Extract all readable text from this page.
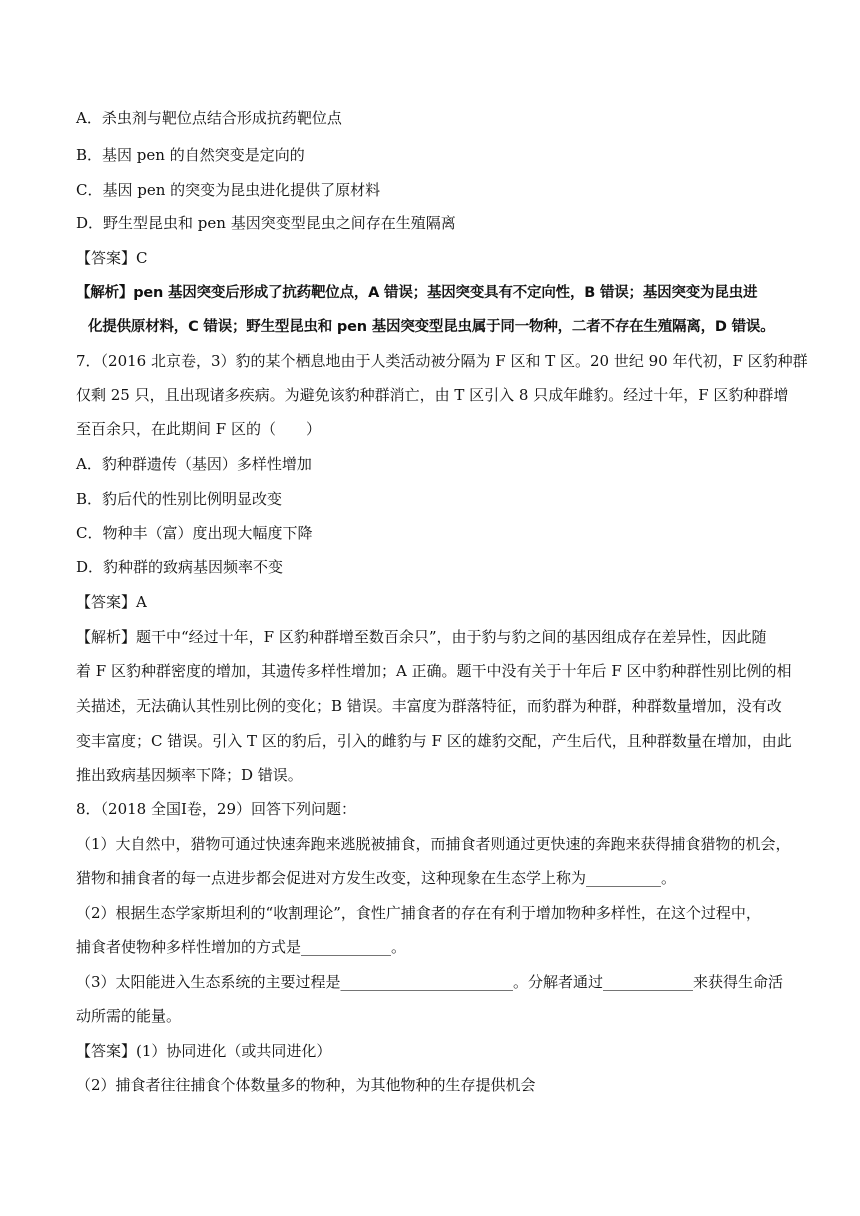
A．杀虫剂与靶位点结合形成抗药靶位点
B．基因 pen 的自然突变是定向的
C．基因 pen 的突变为昆虫进化提供了原材料
D．野生型昆虫和 pen 基因突变型昆虫之间存在生殖隔离
【答案】C
【解析】pen 基因突变后形成了抗药靶位点，A 错误；基因突变具有不定向性，B 错误；基因突变为昆虫进
化提供原材料，C 错误；野生型昆虫和 pen 基因突变型昆虫属于同一物种，二者不存在生殖隔离，D 错误。
7．（2016 北京卷，3）豹的某个栖息地由于人类活动被分隔为 F 区和 T 区。20 世纪 90 年代初，F 区豹种群
仅剩 25 只，且出现诸多疾病。为避免该豹种群消亡，由 T 区引入 8 只成年雌豹。经过十年，F 区豹种群增
至百余只，在此期间 F 区的（　　）
A．豹种群遗传（基因）多样性增加
B．豹后代的性别比例明显改变
C．物种丰（富）度出现大幅度下降
D．豹种群的致病基因频率不变
【答案】A
【解析】题干中“经过十年，F 区豹种群增至数百余只”，由于豹与豹之间的基因组成存在差异性，因此随
着 F 区豹种群密度的增加，其遗传多样性增加；A 正确。题干中没有关于十年后 F 区中豹种群性别比例的相
关描述，无法确认其性别比例的变化；B 错误。丰富度为群落特征，而豹群为种群，种群数量增加，没有改
变丰富度；C 错误。引入 T 区的豹后，引入的雌豹与 F 区的雄豹交配，产生后代，且种群数量在增加，由此
推出致病基因频率下降；D 错误。
8．（2018 全国Ⅰ卷，29）回答下列问题：
（1）大自然中，猎物可通过快速奔跑来逃脱被捕食，而捕食者则通过更快速的奔跑来获得捕食猎物的机会，
猎物和捕食者的每一点进步都会促进对方发生改变，这种现象在生态学上称为__________。
（2）根据生态学家斯坦利的“收割理论”，食性广捕食者的存在有利于增加物种多样性，在这个过程中，
捕食者使物种多样性增加的方式是____________。
（3）太阳能进入生态系统的主要过程是_______________________。分解者通过____________来获得生命活
动所需的能量。
【答案】(1）协同进化（或共同进化）
（2）捕食者往往捕食个体数量多的物种，为其他物种的生存提供机会
